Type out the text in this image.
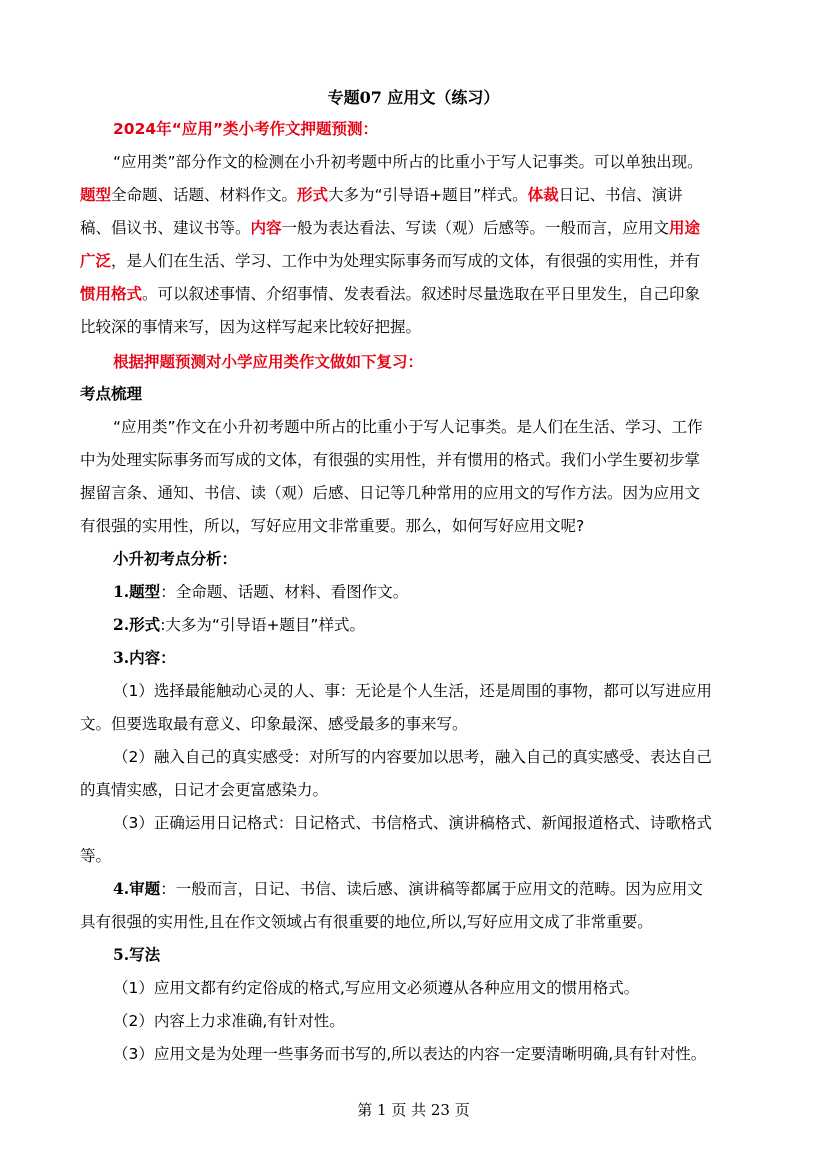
专题07 应用文（练习）
2024年“应用”类小考作文押题预测：
“应用类”部分作文的检测在小升初考题中所占的比重小于写人记事类。可以单独出现。
题型全命题、话题、材料作文。形式大多为“引导语+题目”样式。体裁日记、书信、演讲
稿、倡议书、建议书等。内容一般为表达看法、写读（观）后感等。一般而言，应用文用途
广泛，是人们在生活、学习、工作中为处理实际事务而写成的文体，有很强的实用性，并有
惯用格式。可以叙述事情、介绍事情、发表看法。叙述时尽量选取在平日里发生，自己印象
比较深的事情来写，因为这样写起来比较好把握。
根据押题预测对小学应用类作文做如下复习：
考点梳理
“应用类”作文在小升初考题中所占的比重小于写人记事类。是人们在生活、学习、工作
中为处理实际事务而写成的文体，有很强的实用性，并有惯用的格式。我们小学生要初步掌
握留言条、通知、书信、读（观）后感、日记等几种常用的应用文的写作方法。因为应用文
有很强的实用性，所以，写好应用文非常重要。那么，如何写好应用文呢?
小升初考点分析：
1.题型：全命题、话题、材料、看图作文。
2.形式:大多为“引导语+题目”样式。
3.内容：
（1）选择最能触动心灵的人、事：无论是个人生活，还是周围的事物，都可以写进应用
文。但要选取最有意义、印象最深、感受最多的事来写。
（2）融入自己的真实感受：对所写的内容要加以思考，融入自己的真实感受、表达自己
的真情实感，日记才会更富感染力。
（3）正确运用日记格式：日记格式、书信格式、演讲稿格式、新闻报道格式、诗歌格式
等。
4.审题：一般而言，日记、书信、读后感、演讲稿等都属于应用文的范畴。因为应用文
具有很强的实用性,且在作文领域占有很重要的地位,所以,写好应用文成了非常重要。
5.写法
（1）应用文都有约定俗成的格式,写应用文必须遵从各种应用文的惯用格式。
（2）内容上力求准确,有针对性。
（3）应用文是为处理一些事务而书写的,所以表达的内容一定要清晰明确,具有针对性。
第 1 页 共 23 页
